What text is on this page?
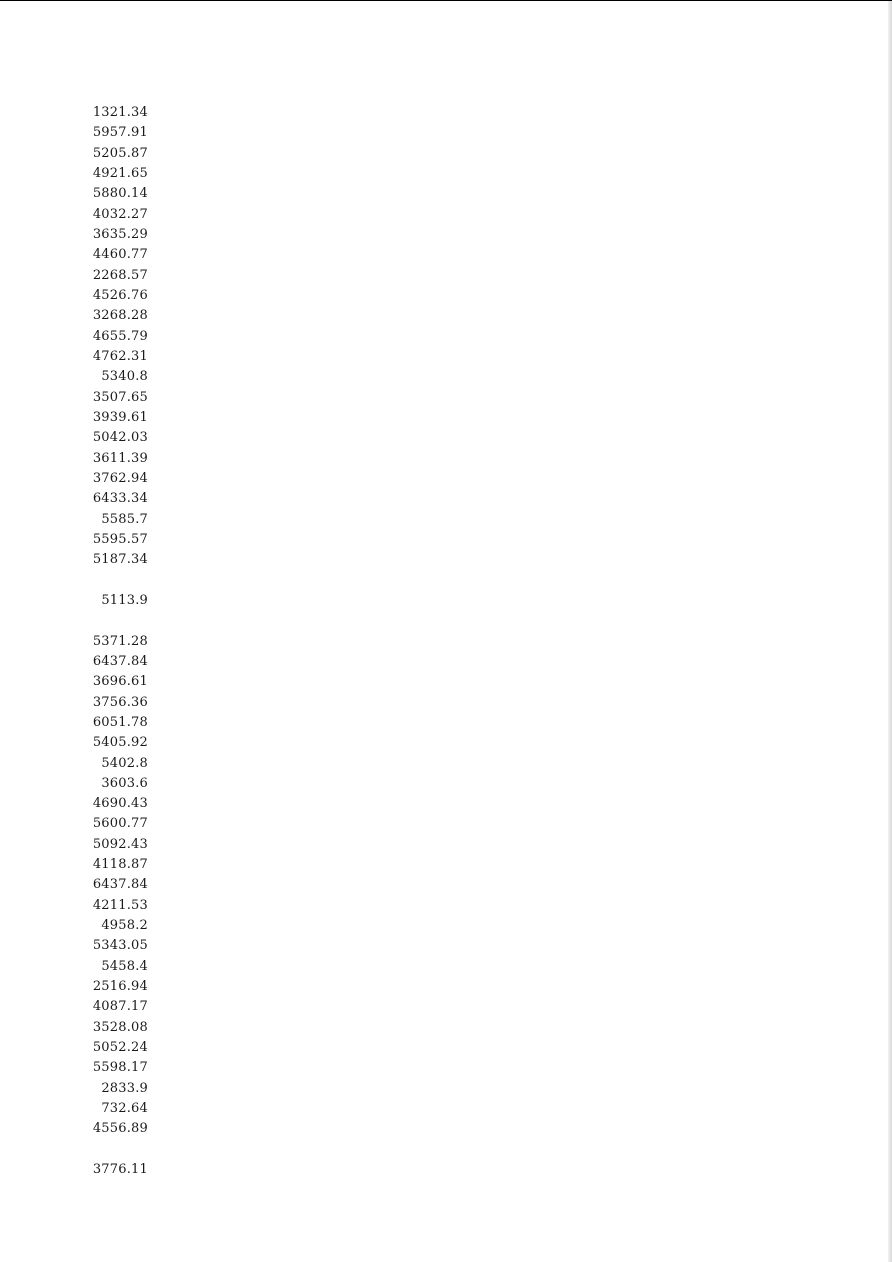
1321.34
5957.91
5205.87
4921.65
5880.14
4032.27
3635.29
4460.77
2268.57
4526.76
3268.28
4655.79
4762.31
5340.8
3507.65
3939.61
5042.03
3611.39
3762.94
6433.34
5585.7
5595.57
5187.34
5113.9
5371.28
6437.84
3696.61
3756.36
6051.78
5405.92
5402.8
3603.6
4690.43
5600.77
5092.43
4118.87
6437.84
4211.53
4958.2
5343.05
5458.4
2516.94
4087.17
3528.08
5052.24
5598.17
2833.9
732.64
4556.89
3776.11
